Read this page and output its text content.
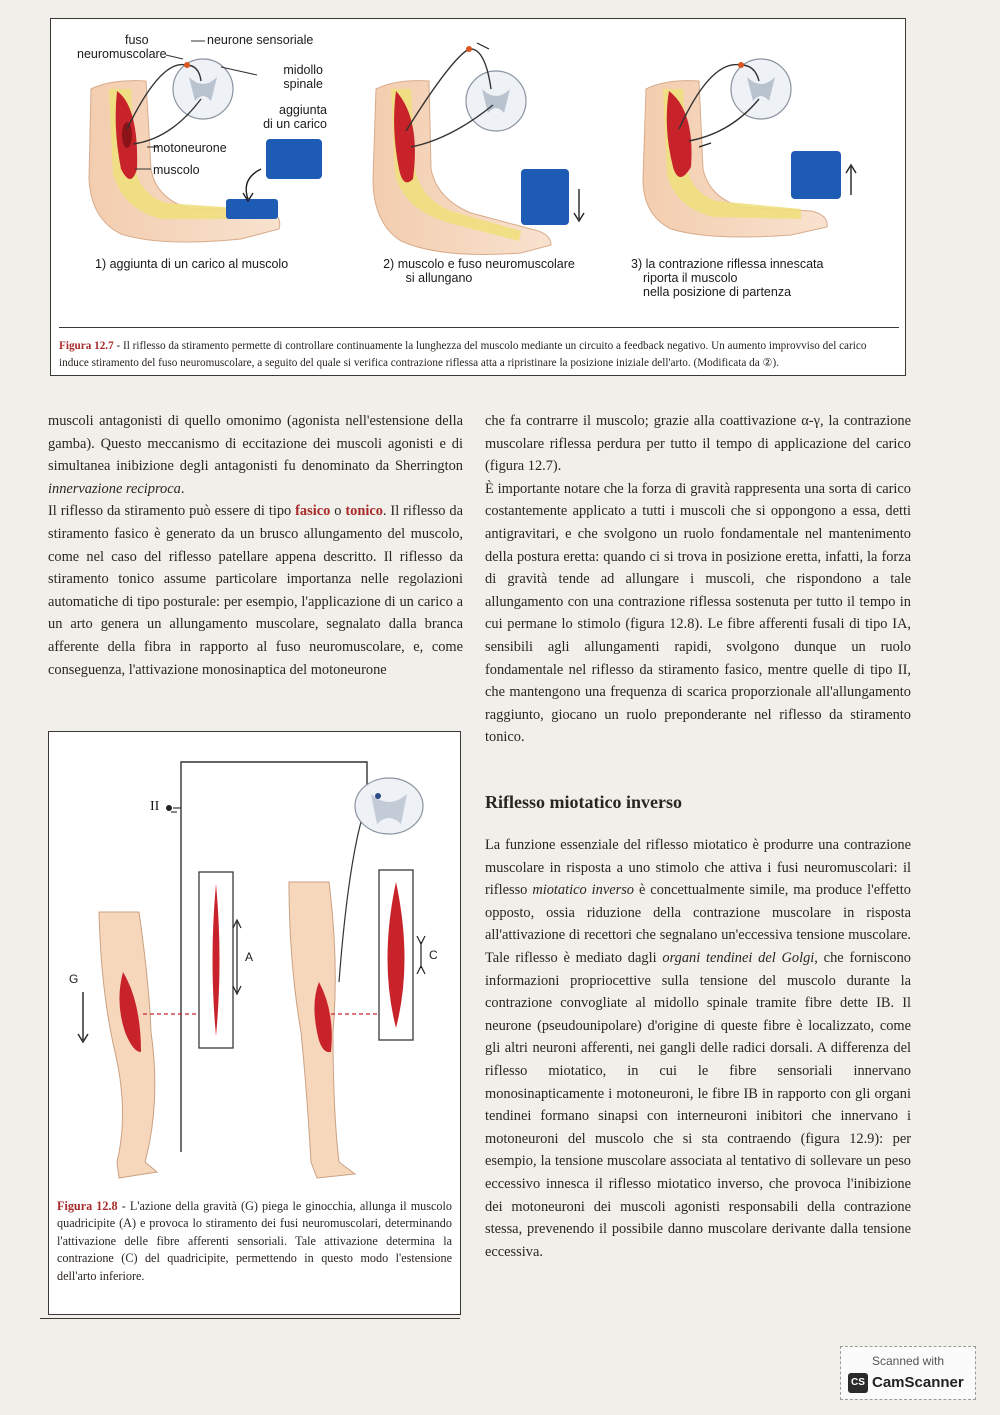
fuso
neuromuscolare
neurone sensoriale
midollo
spinale
aggiunta
di un carico
motoneurone
muscolo
1) aggiunta di un carico al muscolo	2) muscolo e fuso neuromuscolare
si allungano
3) la contrazione riflessa innescata
riporta il muscolo
nella posizione di partenza
Figura 12.7 - Il riflesso da stiramento permette di controllare continuamente la lunghezza del muscolo mediante un circuito a feedback negativo. Un aumento improvviso del carico induce stiramento del fuso neuromuscolare, a seguito del quale si verifica contrazione riflessa atta a ripristinare la posizione iniziale dell'arto. (Modificata da ②).

muscoli antagonisti di quello omonimo (agonista nell'estensione della gamba). Questo meccanismo di eccitazione dei muscoli agonisti e di simultanea inibizione degli antagonisti fu denominato da Sherrington innervazione reciproca.

Il riflesso da stiramento può essere di tipo fasico o tonico. Il riflesso da stiramento fasico è generato da un brusco allungamento del muscolo, come nel caso del riflesso patellare appena descritto. Il riflesso da stiramento tonico assume particolare importanza nelle regolazioni automatiche di tipo posturale: per esempio, l'applicazione di un carico a un arto genera un allungamento muscolare, segnalato dalla branca afferente della fibra in rapporto al fuso neuromuscolare, e, come conseguenza, l'attivazione monosinaptica del motoneurone

II
A	C
G
Figura 12.8 - L'azione della gravità (G) piega le ginocchia, allunga il muscolo quadricipite (A) e provoca lo stiramento dei fusi neuromuscolari, determinando l'attivazione delle fibre afferenti sensoriali. Tale attivazione determina la contrazione (C) del quadricipite, permettendo in questo modo l'estensione dell'arto inferiore.

che fa contrarre il muscolo; grazie alla coattivazione α-γ, la contrazione muscolare riflessa perdura per tutto il tempo di applicazione del carico (figura 12.7).

È importante notare che la forza di gravità rappresenta una sorta di carico costantemente applicato a tutti i muscoli che si oppongono a essa, detti antigravitari, e che svolgono un ruolo fondamentale nel mantenimento della postura eretta: quando ci si trova in posizione eretta, infatti, la forza di gravità tende ad allungare i muscoli, che rispondono a tale allungamento con una contrazione riflessa sostenuta per tutto il tempo in cui permane lo stimolo (figura 12.8). Le fibre afferenti fusali di tipo IA, sensibili agli allungamenti rapidi, svolgono dunque un ruolo fondamentale nel riflesso da stiramento fasico, mentre quelle di tipo II, che mantengono una frequenza di scarica proporzionale all'allungamento raggiunto, giocano un ruolo preponderante nel riflesso da stiramento tonico.

Riflesso miotatico inverso

La funzione essenziale del riflesso miotatico è produrre una contrazione muscolare in risposta a uno stimolo che attiva i fusi neuromuscolari: il riflesso miotatico inverso è concettualmente simile, ma produce l'effetto opposto, ossia riduzione della contrazione muscolare in risposta all'attivazione di recettori che segnalano un'eccessiva tensione muscolare. Tale riflesso è mediato dagli organi tendinei del Golgi, che forniscono informazioni propriocettive sulla tensione del muscolo durante la contrazione convogliate al midollo spinale tramite fibre dette IB. Il neurone (pseudounipolare) d'origine di queste fibre è localizzato, come gli altri neuroni afferenti, nei gangli delle radici dorsali. A differenza del riflesso miotatico, in cui le fibre sensoriali innervano monosinapticamente i motoneuroni, le fibre IB in rapporto con gli organi tendinei formano sinapsi con interneuroni inibitori che innervano i motoneuroni del muscolo che si sta contraendo (figura 12.9): per esempio, la tensione muscolare associata al tentativo di sollevare un peso eccessivo innesca il riflesso miotatico inverso, che provoca l'inibizione dei motoneuroni dei muscoli agonisti responsabili della contrazione stessa, prevenendo il possibile danno muscolare derivante dalla tensione eccessiva.

Scanned with
CS CamScanner
